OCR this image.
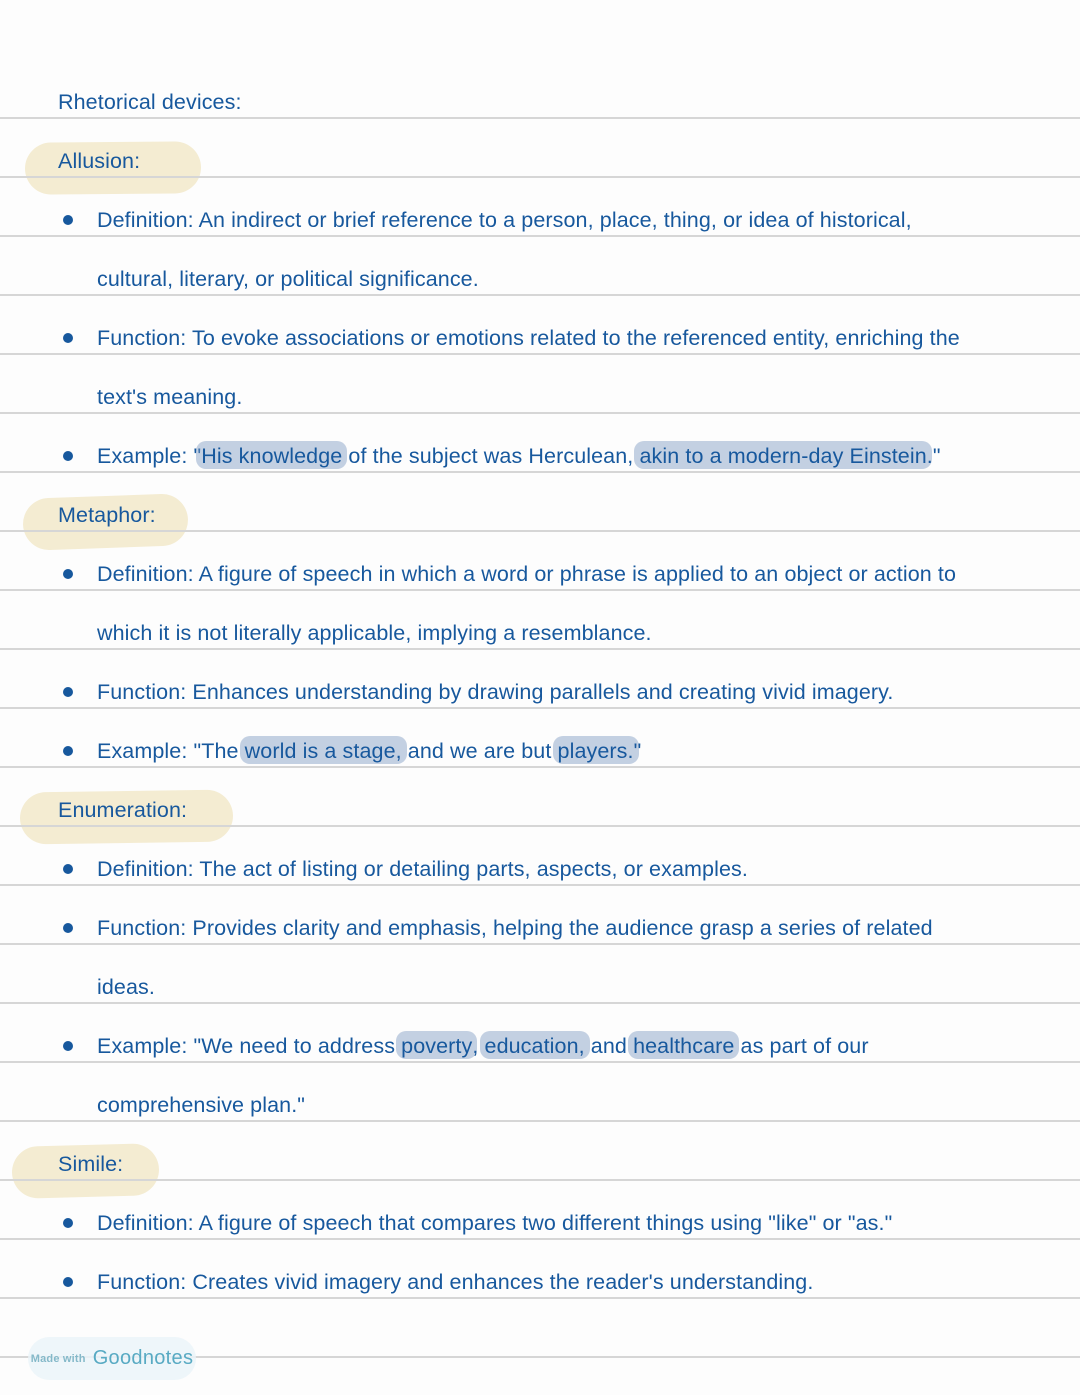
Rhetorical devices:
Allusion:
Definition: An indirect or brief reference to a person, place, thing, or idea of historical,
cultural, literary, or political significance.
Function: To evoke associations or emotions related to the referenced entity, enriching the
text's meaning.
Example: "His knowledge of the subject was Herculean, akin to a modern-day Einstein."
Metaphor:
Definition: A figure of speech in which a word or phrase is applied to an object or action to
which it is not literally applicable, implying a resemblance.
Function: Enhances understanding by drawing parallels and creating vivid imagery.
Example: "The world is a stage, and we are but players."
Enumeration:
Definition: The act of listing or detailing parts, aspects, or examples.
Function: Provides clarity and emphasis, helping the audience grasp a series of related
ideas.
Example: "We need to address poverty, education, and healthcare as part of our
comprehensive plan."
Simile:
Definition: A figure of speech that compares two different things using "like" or "as."
Function: Creates vivid imagery and enhances the reader's understanding.
Made with Goodnotes
